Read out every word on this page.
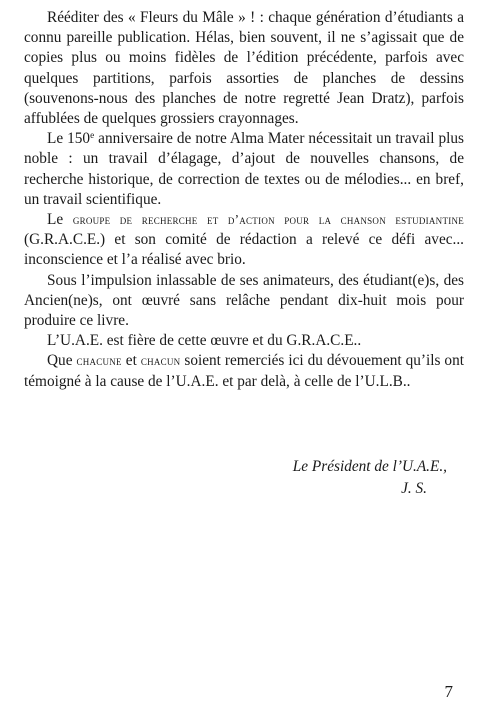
Rééditer des « Fleurs du Mâle » ! : chaque génération d’étudiants a connu pareille publication. Hélas, bien souvent, il ne s’agissait que de copies plus ou moins fidèles de l’édition précédente, parfois avec quelques partitions, parfois assorties de planches de dessins (souvenons-nous des planches de notre regretté Jean Dratz), parfois affublées de quelques grossiers crayonnages.

Le 150e anniversaire de notre Alma Mater nécessitait un travail plus noble : un travail d’élagage, d’ajout de nouvelles chansons, de recherche historique, de correction de textes ou de mélodies... en bref, un travail scientifique.

Le groupe de recherche et d’action pour la chanson estudiantine (G.R.A.C.E.) et son comité de rédaction a relevé ce défi avec... inconscience et l’a réalisé avec brio.

Sous l’impulsion inlassable de ses animateurs, des étudiant(e)s, des Ancien(ne)s, ont œuvré sans relâche pendant dix-huit mois pour produire ce livre.

L’U.A.E. est fière de cette œuvre et du G.R.A.C.E..

Que chacune et chacun soient remerciés ici du dévouement qu’ils ont témoigné à la cause de l’U.A.E. et par delà, à celle de l’U.L.B..

Le Président de l’U.A.E.,
J. S.
7
